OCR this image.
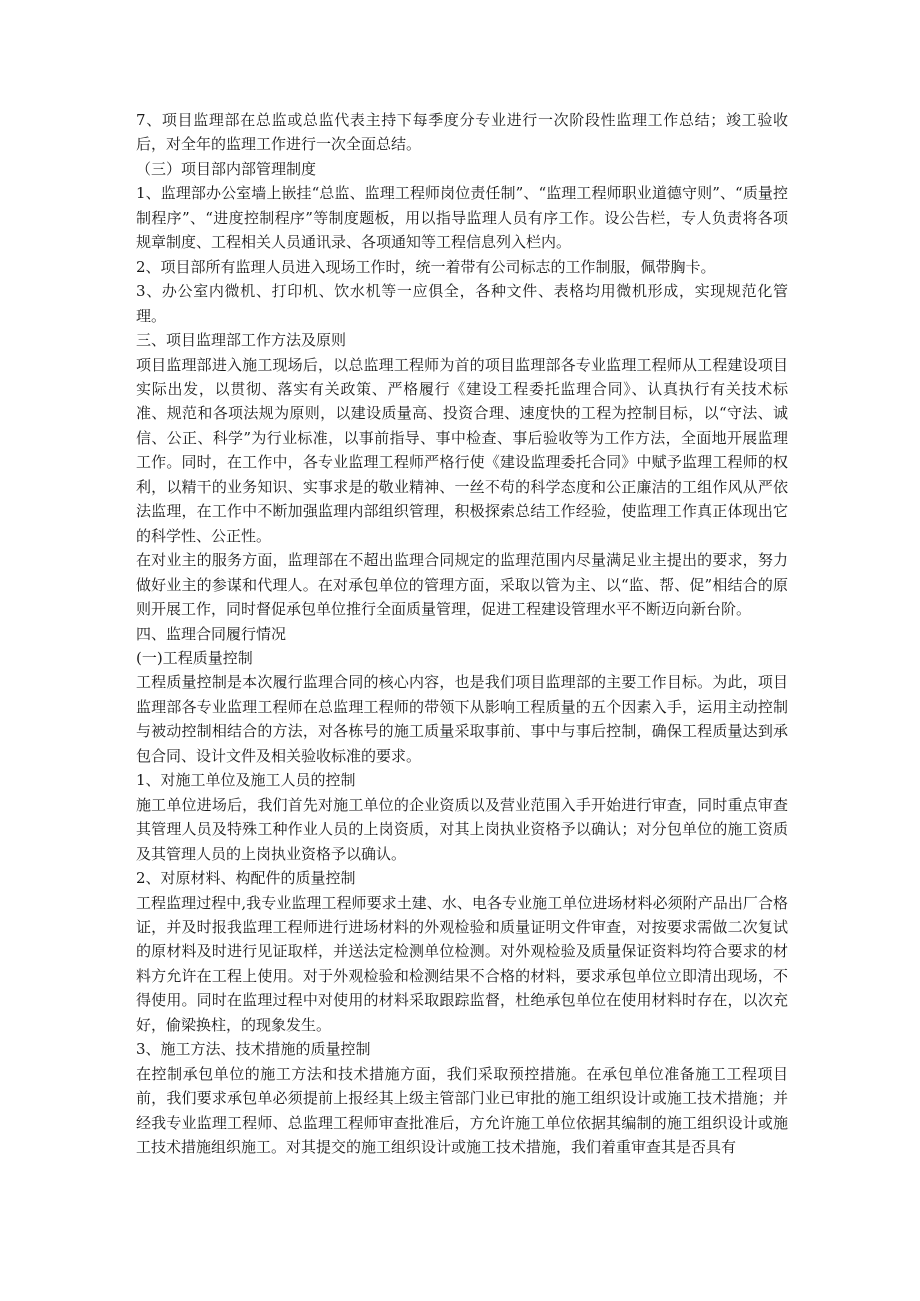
7、项目监理部在总监或总监代表主持下每季度分专业进行一次阶段性监理工作总结；竣工验收后，对全年的监理工作进行一次全面总结。

（三）项目部内部管理制度

1、监理部办公室墙上嵌挂“总监、监理工程师岗位责任制”、“监理工程师职业道德守则”、“质量控制程序”、“进度控制程序”等制度题板，用以指导监理人员有序工作。设公告栏，专人负责将各项规章制度、工程相关人员通讯录、各项通知等工程信息列入栏内。

2、项目部所有监理人员进入现场工作时，统一着带有公司标志的工作制服，佩带胸卡。

3、办公室内微机、打印机、饮水机等一应俱全，各种文件、表格均用微机形成，实现规范化管理。

三、项目监理部工作方法及原则

项目监理部进入施工现场后，以总监理工程师为首的项目监理部各专业监理工程师从工程建设项目实际出发，以贯彻、落实有关政策、严格履行《建设工程委托监理合同》、认真执行有关技术标准、规范和各项法规为原则，以建设质量高、投资合理、速度快的工程为控制目标，以“守法、诚信、公正、科学”为行业标准，以事前指导、事中检查、事后验收等为工作方法，全面地开展监理工作。同时，在工作中，各专业监理工程师严格行使《建设监理委托合同》中赋予监理工程师的权利，以精干的业务知识、实事求是的敬业精神、一丝不苟的科学态度和公正廉洁的工组作风从严依法监理，在工作中不断加强监理内部组织管理，积极探索总结工作经验，使监理工作真正体现出它的科学性、公正性。

在对业主的服务方面，监理部在不超出监理合同规定的监理范围内尽量满足业主提出的要求，努力做好业主的参谋和代理人。在对承包单位的管理方面，采取以管为主、以“监、帮、促”相结合的原则开展工作，同时督促承包单位推行全面质量管理，促进工程建设管理水平不断迈向新台阶。

四、监理合同履行情况

(一)工程质量控制

工程质量控制是本次履行监理合同的核心内容，也是我们项目监理部的主要工作目标。为此，项目监理部各专业监理工程师在总监理工程师的带领下从影响工程质量的五个因素入手，运用主动控制与被动控制相结合的方法，对各栋号的施工质量采取事前、事中与事后控制，确保工程质量达到承包合同、设计文件及相关验收标准的要求。

1、对施工单位及施工人员的控制

施工单位进场后，我们首先对施工单位的企业资质以及营业范围入手开始进行审查，同时重点审查其管理人员及特殊工种作业人员的上岗资质，对其上岗执业资格予以确认；对分包单位的施工资质及其管理人员的上岗执业资格予以确认。

2、对原材料、构配件的质量控制

工程监理过程中,我专业监理工程师要求土建、水、电各专业施工单位进场材料必须附产品出厂合格证，并及时报我监理工程师进行进场材料的外观检验和质量证明文件审查，对按要求需做二次复试的原材料及时进行见证取样，并送法定检测单位检测。对外观检验及质量保证资料均符合要求的材料方允许在工程上使用。对于外观检验和检测结果不合格的材料，要求承包单位立即清出现场，不得使用。同时在监理过程中对使用的材料采取跟踪监督，杜绝承包单位在使用材料时存在，以次充好，偷梁换柱，的现象发生。

3、施工方法、技术措施的质量控制

在控制承包单位的施工方法和技术措施方面，我们采取预控措施。在承包单位准备施工工程项目前，我们要求承包单必须提前上报经其上级主管部门业已审批的施工组织设计或施工技术措施；并经我专业监理工程师、总监理工程师审查批准后，方允许施工单位依据其编制的施工组织设计或施工技术措施组织施工。对其提交的施工组织设计或施工技术措施，我们着重审查其是否具有
